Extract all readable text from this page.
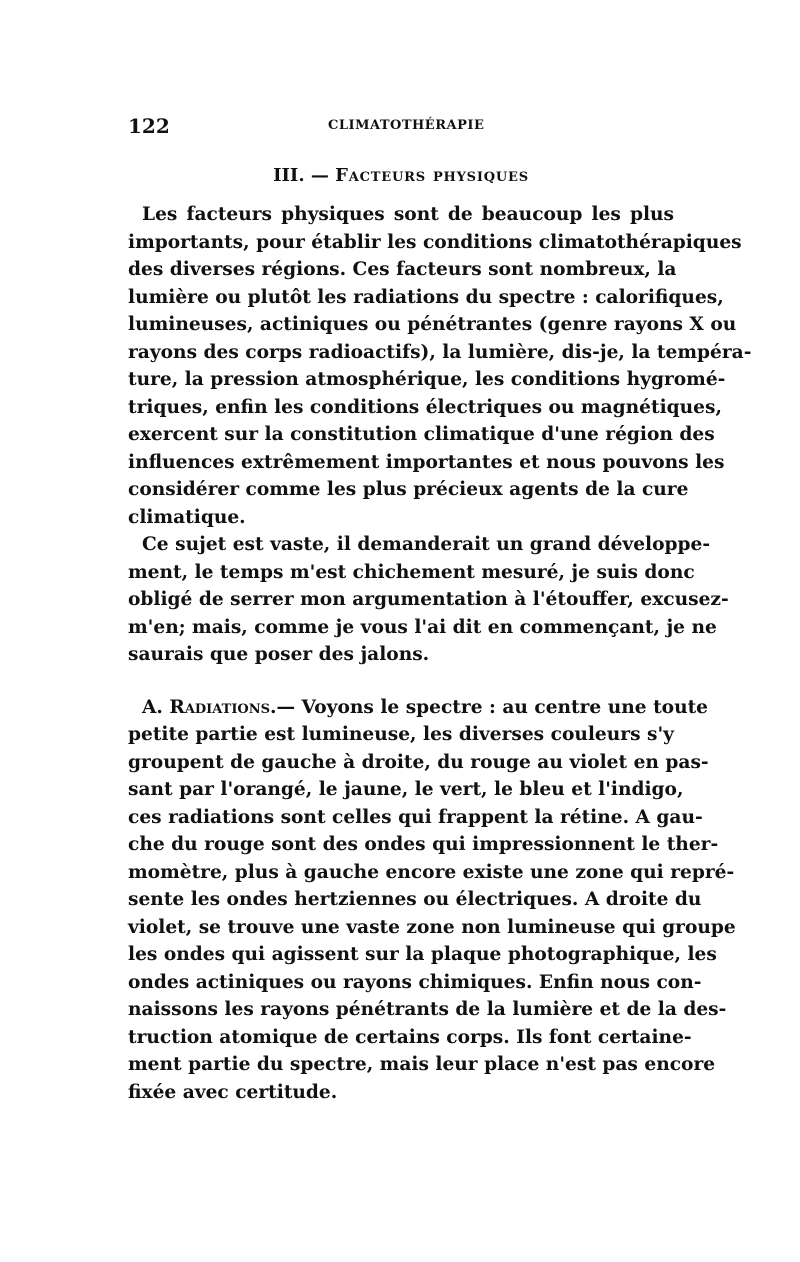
122	CLIMATOTHÉRAPIE
III. — Facteurs physiques
Les facteurs physiques sont de beaucoup les plus
importants, pour établir les conditions climatothérapiques
des diverses régions. Ces facteurs sont nombreux, la
lumière ou plutôt les radiations du spectre : calorifiques,
lumineuses, actiniques ou pénétrantes (genre rayons X ou
rayons des corps radioactifs), la lumière, dis-je, la tempéra-
ture, la pression atmosphérique, les conditions hygromé-
triques, enfin les conditions électriques ou magnétiques,
exercent sur la constitution climatique d'une région des
influences extrêmement importantes et nous pouvons les
considérer comme les plus précieux agents de la cure
climatique.
Ce sujet est vaste, il demanderait un grand développe-
ment, le temps m'est chichement mesuré, je suis donc
obligé de serrer mon argumentation à l'étouffer, excusez-
m'en; mais, comme je vous l'ai dit en commençant, je ne
saurais que poser des jalons.
A. Radiations.— Voyons le spectre : au centre une toute
petite partie est lumineuse, les diverses couleurs s'y
groupent de gauche à droite, du rouge au violet en pas-
sant par l'orangé, le jaune, le vert, le bleu et l'indigo,
ces radiations sont celles qui frappent la rétine. A gau-
che du rouge sont des ondes qui impressionnent le ther-
momètre, plus à gauche encore existe une zone qui repré-
sente les ondes hertziennes ou électriques. A droite du
violet, se trouve une vaste zone non lumineuse qui groupe
les ondes qui agissent sur la plaque photographique, les
ondes actiniques ou rayons chimiques. Enfin nous con-
naissons les rayons pénétrants de la lumière et de la des-
truction atomique de certains corps. Ils font certaine-
ment partie du spectre, mais leur place n'est pas encore
fixée avec certitude.
